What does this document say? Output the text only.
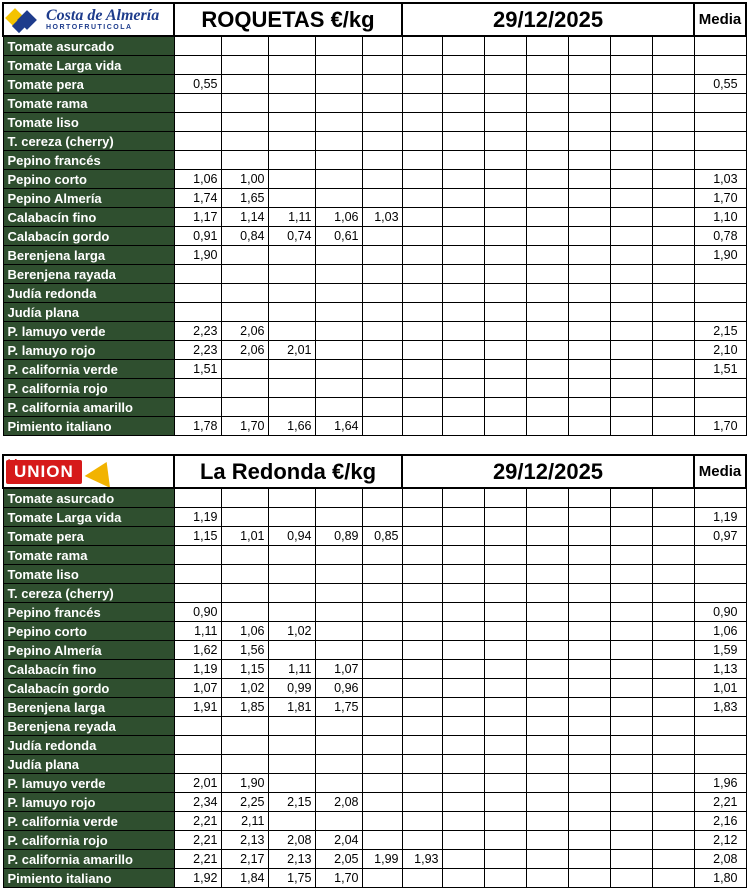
Costa de Almería
HORTOFRUTICOLA	ROQUETAS €/kg					29/12/2025							Media
Tomate asurcado													
Tomate Larga vida													
Tomate pera	0,55												0,55
Tomate rama													
Tomate liso													
T. cereza (cherry)													
Pepino francés													
Pepino corto	1,06	1,00											1,03
Pepino Almería	1,74	1,65											1,70
Calabacín fino	1,17	1,14	1,11	1,06	1,03								1,10
Calabacín gordo	0,91	0,84	0,74	0,61									0,78
Berenjena larga	1,90												1,90
Berenjena rayada													
Judía redonda													
Judía plana													
P. lamuyo verde	2,23	2,06											2,15
P. lamuyo rojo	2,23	2,06	2,01										2,10
P. california verde	1,51												1,51
P. california rojo													
P. california amarillo													
Pimiento italiano	1,78	1,70	1,66	1,64									1,70
LA
UNION	La Redonda €/kg					29/12/2025							Media
Tomate asurcado													
Tomate Larga vida	1,19												1,19
Tomate pera	1,15	1,01	0,94	0,89	0,85								0,97
Tomate rama													
Tomate liso													
T. cereza (cherry)													
Pepino francés	0,90												0,90
Pepino corto	1,11	1,06	1,02										1,06
Pepino Almería	1,62	1,56											1,59
Calabacín fino	1,19	1,15	1,11	1,07									1,13
Calabacín gordo	1,07	1,02	0,99	0,96									1,01
Berenjena larga	1,91	1,85	1,81	1,75									1,83
Berenjena reyada													
Judía redonda													
Judía plana													
P. lamuyo verde	2,01	1,90											1,96
P. lamuyo rojo	2,34	2,25	2,15	2,08									2,21
P. california verde	2,21	2,11											2,16
P. california rojo	2,21	2,13	2,08	2,04									2,12
P. california amarillo	2,21	2,17	2,13	2,05	1,99	1,93							2,08
Pimiento italiano	1,92	1,84	1,75	1,70									1,80
